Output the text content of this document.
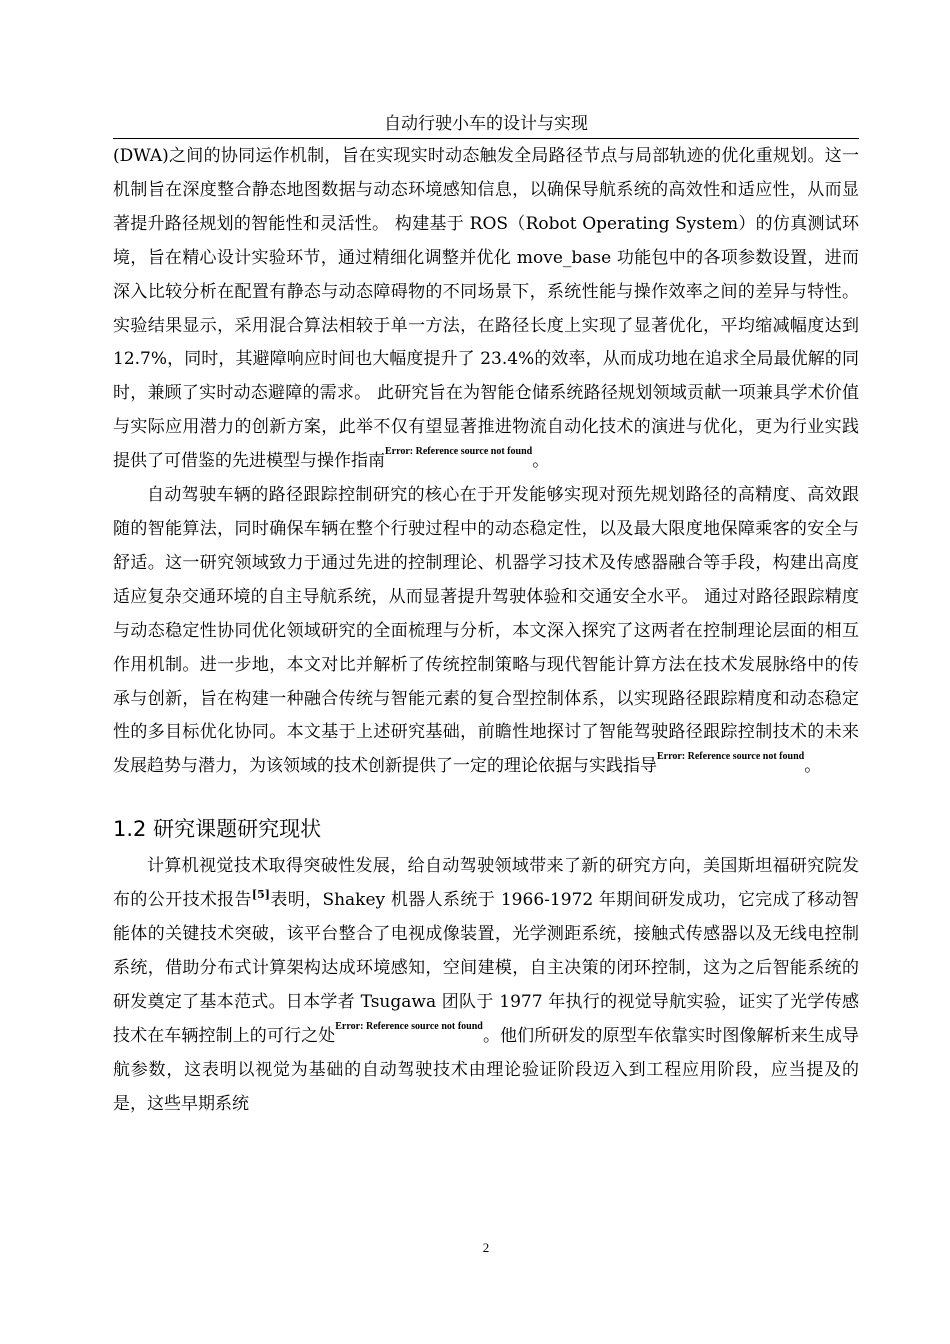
自动行驶小车的设计与实现

(DWA)之间的协同运作机制，旨在实现实时动态触发全局路径节点与局部轨迹的优化重规划。这一机制旨在深度整合静态地图数据与动态环境感知信息，以确保导航系统的高效性和适应性，从而显著提升路径规划的智能性和灵活性。 构建基于 ROS（Robot Operating System）的仿真测试环境，旨在精心设计实验环节，通过精细化调整并优化 move_base 功能包中的各项参数设置，进而深入比较分析在配置有静态与动态障碍物的不同场景下，系统性能与操作效率之间的差异与特性。 实验结果显示，采用混合算法相较于单一方法，在路径长度上实现了显著优化，平均缩减幅度达到 12.7%，同时，其避障响应时间也大幅度提升了 23.4%的效率，从而成功地在追求全局最优解的同时，兼顾了实时动态避障的需求。 此研究旨在为智能仓储系统路径规划领域贡献一项兼具学术价值与实际应用潜力的创新方案，此举不仅有望显著推进物流自动化技术的演进与优化，更为行业实践提供了可借鉴的先进模型与操作指南$^{Error: Reference source not found}$。

自动驾驶车辆的路径跟踪控制研究的核心在于开发能够实现对预先规划路径的高精度、高效跟随的智能算法，同时确保车辆在整个行驶过程中的动态稳定性，以及最大限度地保障乘客的安全与舒适。这一研究领域致力于通过先进的控制理论、机器学习技术及传感器融合等手段，构建出高度适应复杂交通环境的自主导航系统，从而显著提升驾驶体验和交通安全水平。 通过对路径跟踪精度与动态稳定性协同优化领域研究的全面梳理与分析，本文深入探究了这两者在控制理论层面的相互作用机制。进一步地，本文对比并解析了传统控制策略与现代智能计算方法在技术发展脉络中的传承与创新，旨在构建一种融合传统与智能元素的复合型控制体系，以实现路径跟踪精度和动态稳定性的多目标优化协同。本文基于上述研究基础，前瞻性地探讨了智能驾驶路径跟踪控制技术的未来发展趋势与潜力，为该领域的技术创新提供了一定的理论依据与实践指导$^{Error: Reference source not found}$。

1.2 研究课题研究现状

计算机视觉技术取得突破性发展，给自动驾驶领域带来了新的研究方向，美国斯坦福研究院发布的公开技术报告[5]表明，Shakey 机器人系统于 1966-1972 年期间研发成功，它完成了移动智能体的关键技术突破，该平台整合了电视成像装置，光学测距系统，接触式传感器以及无线电控制系统，借助分布式计算架构达成环境感知，空间建模，自主决策的闭环控制，这为之后智能系统的研发奠定了基本范式。日本学者 Tsugawa 团队于 1977 年执行的视觉导航实验，证实了光学传感技术在车辆控制上的可行之处$^{Error: Reference source not found}$。他们所研发的原型车依靠实时图像解析来生成导航参数，这表明以视觉为基础的自动驾驶技术由理论验证阶段迈入到工程应用阶段，应当提及的是，这些早期系统

2
